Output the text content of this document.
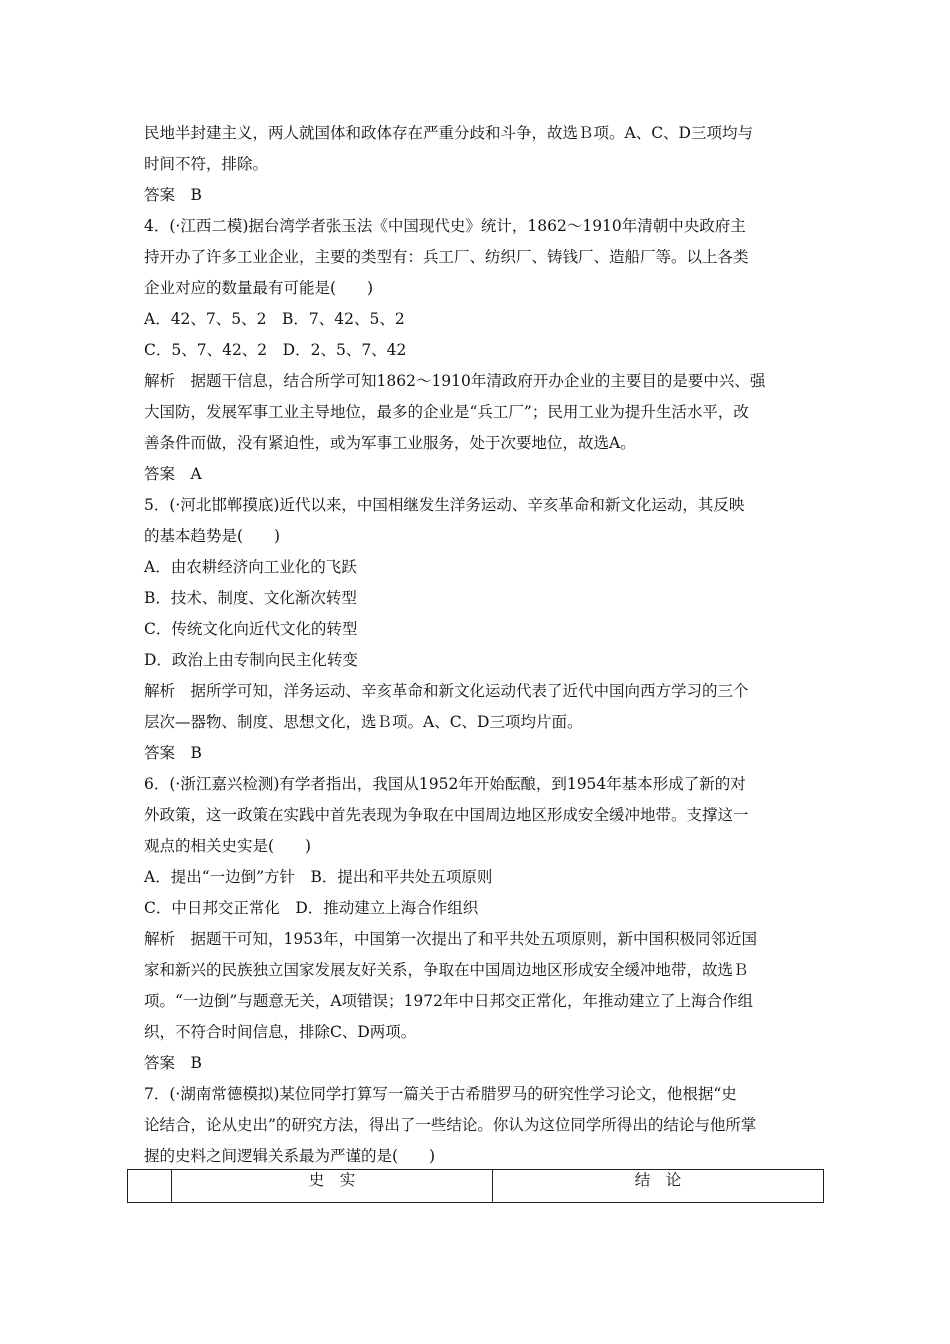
民地半封建主义，两人就国体和政体存在严重分歧和斗争，故选Ｂ项。A、C、D三项均与
时间不符，排除。
答案　B
4．(·江西二模)据台湾学者张玉法《中国现代史》统计，1862～1910年清朝中央政府主
持开办了许多工业企业，主要的类型有：兵工厂、纺织厂、铸钱厂、造船厂等。以上各类
企业对应的数量最有可能是(　　)
A．42、7、5、2　B．7、42、5、2
C．5、7、42、2　D．2、5、7、42
解析　据题干信息，结合所学可知1862～1910年清政府开办企业的主要目的是要中兴、强
大国防，发展军事工业主导地位，最多的企业是“兵工厂”；民用工业为提升生活水平，改
善条件而做，没有紧迫性，或为军事工业服务，处于次要地位，故选A。
答案　A
5．(·河北邯郸摸底)近代以来，中国相继发生洋务运动、辛亥革命和新文化运动，其反映
的基本趋势是(　　)
A．由农耕经济向工业化的飞跃
B．技术、制度、文化渐次转型
C．传统文化向近代文化的转型
D．政治上由专制向民主化转变
解析　据所学可知，洋务运动、辛亥革命和新文化运动代表了近代中国向西方学习的三个
层次—器物、制度、思想文化，选Ｂ项。A、C、D三项均片面。
答案　B
6．(·浙江嘉兴检测)有学者指出，我国从1952年开始酝酿，到1954年基本形成了新的对
外政策，这一政策在实践中首先表现为争取在中国周边地区形成安全缓冲地带。支撑这一
观点的相关史实是(　　)
A．提出“一边倒”方针　B．提出和平共处五项原则
C．中日邦交正常化　D．推动建立上海合作组织
解析　据题干可知，1953年，中国第一次提出了和平共处五项原则，新中国积极同邻近国
家和新兴的民族独立国家发展友好关系，争取在中国周边地区形成安全缓冲地带，故选Ｂ
项。“一边倒”与题意无关，A项错误；1972年中日邦交正常化，年推动建立了上海合作组
织，不符合时间信息，排除C、D两项。
答案　B
7．(·湖南常德模拟)某位同学打算写一篇关于古希腊罗马的研究性学习论文，他根据“史
论结合，论从史出”的研究方法，得出了一些结论。你认为这位同学所得出的结论与他所掌
握的史料之间逻辑关系最为严谨的是(　　)
	史　实	结　论
